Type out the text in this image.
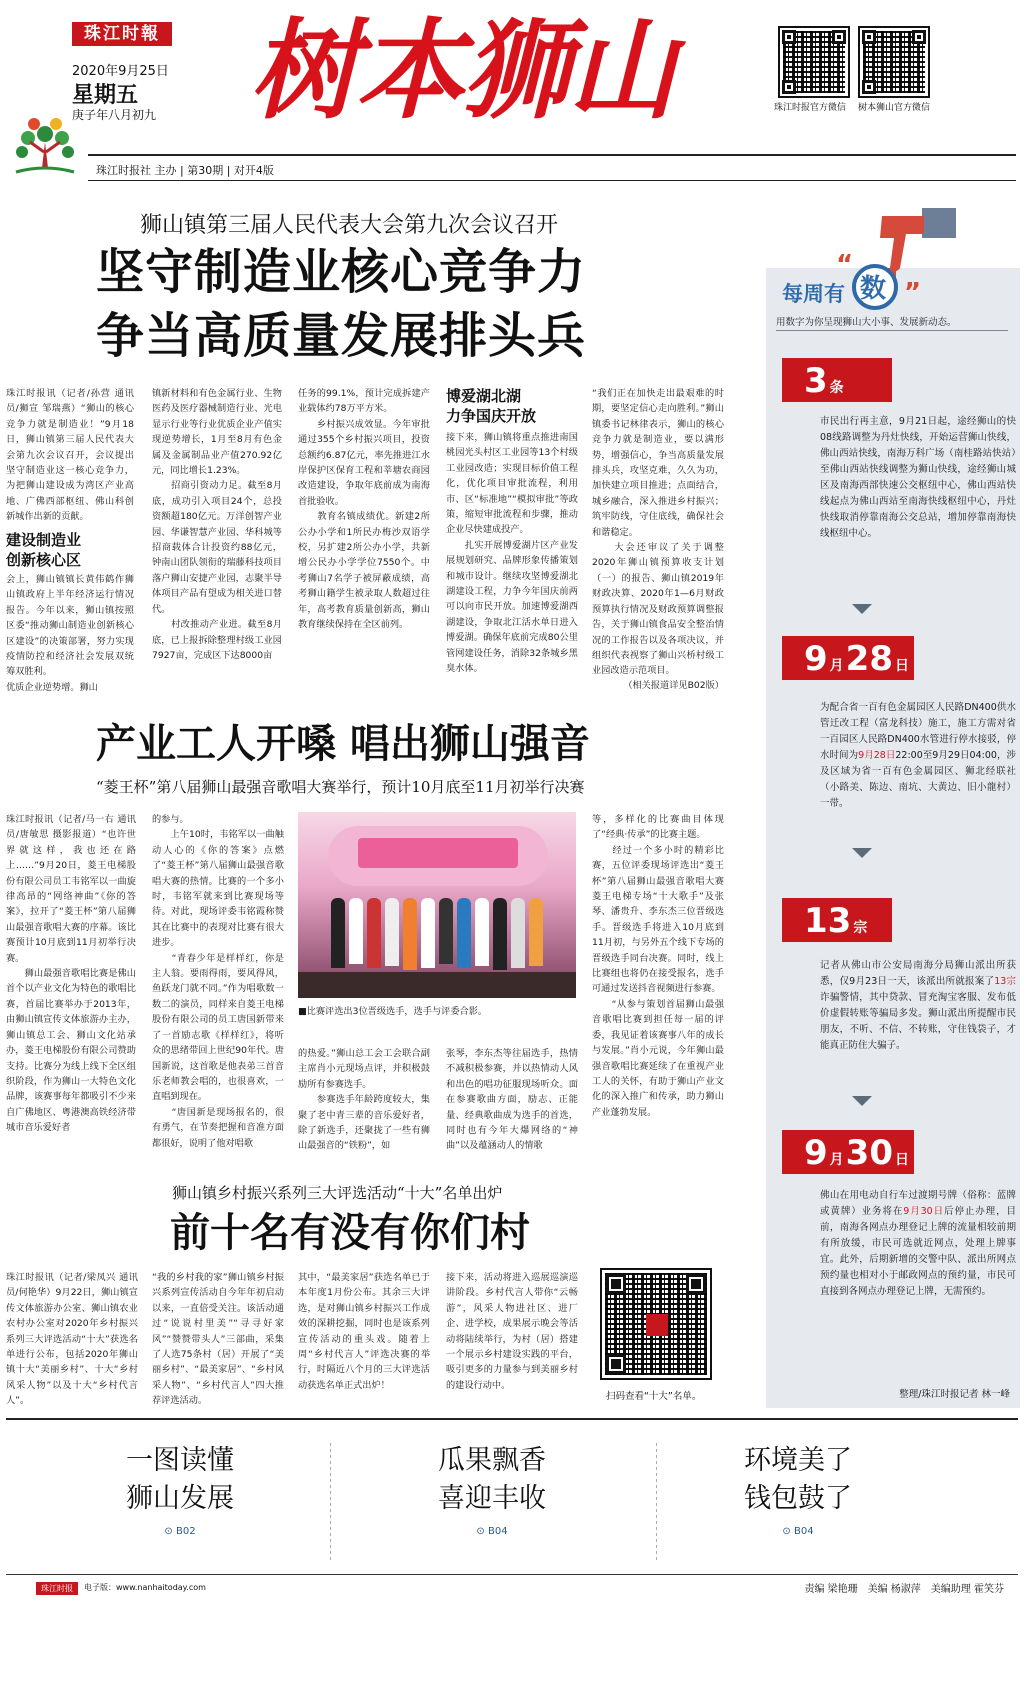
珠江时報
2020年9月25日
星期五
庚子年八月初九 树本狮山	珠江时报官方微信 树本狮山官方微信
珠江时报社 主办 | 第30期 | 对开4版
狮山镇第三届人民代表大会第九次会议召开
坚守制造业核心竞争力
争当高质量发展排头兵
珠江时报讯（记者/孙营 通讯员/狮宣 邹瑞燕）“狮山的核心竞争力就是制造业！”9月18日，狮山镇第三届人民代表大会第九次会议召开，会议提出坚守制造业这一核心竞争力，为把狮山建设成为湾区产业高地、广佛西部枢纽、佛山科创新城作出新的贡献。
建设制造业
创新核心区
会上，狮山镇镇长黄伟鹤作狮山镇政府上半年经济运行情况报告。今年以来，狮山镇按照区委“推动狮山制造业创新核心区建设”的决策部署，努力实现疫情防控和经济社会发展双统筹双胜利。
优质企业逆势增。狮山
镇新材料和有色金属行业、生物医药及医疗器械制造行业、光电显示行业等行业优质企业产值实现逆势增长，1月至8月有色金属及金属制品业产值270.92亿元，同比增长1.23%。
　　招商引资动力足。截至8月底，成功引入项目24个，总投资额超180亿元。万洋创智产业园、华谦智慧产业园、华科城等招商载体合计投资约88亿元，钟南山团队领衔的瑞藤科技项目落户狮山安捷产业园，志聚半导体项目产品有望成为相关进口替代。
　　村改推动产业进。截至8月底，已上报拆除整理村级工业园7927亩，完成区下达8000亩
任务的99.1%，预计完成拆建产业载体约78万平方米。
　　乡村振兴成效显。今年审批通过355个乡村振兴项目，投资总额约6.87亿元，率先推进江水岸保护区保育工程和莘塘农商园改造建设，争取年底前成为南海首批验收。
　　教育名镇成绩优。新建2所公办小学和1所民办梅沙双语学校，另扩建2所公办小学，共新增公民办小学学位7550个。中考狮山7名学子被屏蔽成绩，高考狮山籍学生被录取人数超过往年，高考教育质量创新高，狮山教育继续保持在全区前列。
博爱湖北湖
力争国庆开放
接下来，狮山镇将重点推进南国桃园光头村区工业园等13个村级工业园改造；实现目标价值工程化，优化项目审批流程，利用市、区“标准地”“模拟审批”等政策，缩短审批流程和步骤，推动企业尽快建成投产。
　　扎实开展博爱湖片区产业发展规划研究、品牌形象传播策划和城市设计。继续攻坚博爱湖北湖建设工程，力争今年国庆前两可以向市民开放。加速博爱湖西湖建设，争取北江活水单日进入博爱湖。确保年底前完成80公里管网建设任务，消除32条城乡黑臭水体。
“我们正在加快走出最艰难的时期，要坚定信心走向胜利。”狮山镇委书记林律表示，狮山的核心竞争力就是制造业，要以满形势，增强信心，争当高质量发展排头兵，攻坚克难，久久为功，加快建立项目推进；点面结合，城乡融合，深入推进乡村振兴；筑牢防线，守住底线，确保社会和谐稳定。
　　大会还审议了关于调整2020年狮山镇预算收支计划（一）的报告、狮山镇2019年财政决算、2020年1—6月财政预算执行情况及财政预算调整报告，关于狮山镇食品安全整治情况的工作报告以及各项决议，并组织代表视察了狮山兴桥村级工业园改造示范项目。
（相关报道详见B02版）
产业工人开嗓 唱出狮山强音
“菱王杯”第八届狮山最强音歌唱大赛举行，预计10月底至11月初举行决赛
珠江时报讯（记者/马一右 通讯员/唐敏思 摄影报道）“也许世界就这样，我也还在路上……”9月20日，菱王电梯股份有限公司员工韦铭军以一曲旋律高昂的“网络神曲”《你的答案》，拉开了“菱王杯”第八届狮山最强音歌唱大赛的序幕。该比赛预计10月底到11月初举行决赛。
　　狮山最强音歌唱比赛是佛山首个以产业文化为特色的歌唱比赛，首届比赛举办于2013年，由狮山镇宣传文体旅游办主办，狮山镇总工会、狮山文化站承办，菱王电梯股份有限公司赞助支持。比赛分为线上线下全区组织阶段，作为狮山一大特色文化品牌，该赛事每年都吸引不少来自广佛地区、粤港澳高铁经济带城市音乐爱好者
的参与。
　　上午10时，韦铭军以一曲触动人心的《你的答案》点燃了“菱王杯”第八届狮山最强音歌唱大赛的热情。比赛的一个多小时，韦铭军就来到比赛现场等待。对此，现场评委韦铭霞称赞其在比赛中的表现对比赛有很大进步。
　　“青春少年是样样红，你是主人翁。要雨得雨，要风得风，鱼跃龙门就不同。”作为唱歌数一数二的演员，同样来自菱王电梯股份有限公司的员工唐国新带来了一首励志歌《样样红》，将听众的思绪带回上世纪90年代。唐国新说，这首歌是他表弟三首音乐老师教会唱的，也很喜欢，一直唱到现在。
　　“唐国新是现场报名的，很有勇气，在节奏把握和音准方面都很好，说明了他对唱歌
■比赛评选出3位晋级选手，选手与评委合影。
的热爱。”狮山总工会工会联合副主席肖小元现场点评，并积极鼓励所有参赛选手。
　　参赛选手年龄跨度较大，集聚了老中青三辈的音乐爱好者，除了新选手，还聚拢了一些有狮山最强音的“铁粉”，如
张琴，李东杰等往届选手，热情不减积极参赛，并以热情动人风和出色的唱功征服现场听众。面在参赛歌曲方面，励志、正能量、经典歌曲成为选手的首选，同时也有今年大爆网络的“神曲”以及蕴涵动人的情歌
等，多样化的比赛曲目体现了“经典·传承”的比赛主题。
　　经过一个多小时的精彩比赛，五位评委现场评选出“菱王杯”第八届狮山最强音歌唱大赛菱王电梯专场“十大歌手”及张琴、潘贵升、李东杰三位晋级选手。晋级选手将进入10月底到11月初，与另外五个线下专场的晋级选手同台决赛。同时，线上比赛组也将仍在接受报名，选手可通过发送抖音视频进行参赛。
　　“从参与策划首届狮山最强音歌唱比赛到担任每一届的评委，我见证着该赛事八年的成长与发展。”肖小元说，今年狮山最强音歌唱比赛延续了在重视产业工人的关怀，有助于狮山产业文化的深入推广和传承，助力狮山产业蓬勃发展。
狮山镇乡村振兴系列三大评选活动“十大”名单出炉
前十名有没有你们村
珠江时报讯（记者/梁凤兴 通讯员/何艳华）9月22日，狮山镇宣传文体旅游办公室、狮山镇农业农村办公室对2020年乡村振兴系列三大评选活动“十大”获选名单进行公布，包括2020年狮山镇十大“美丽乡村”、十大“乡村风采人物”以及十大“乡村代言人”。
“我的乡村我的家”狮山镇乡村振兴系列宣传活动自今年年初启动以来，一直倍受关注。该活动通过“说说村里美”“寻寻好家风”“赞赞带头人”三部曲，采集了人选75条村（居）开展了“美丽乡村”、“最美家居”、“乡村风采人物”、“乡村代言人”四大推荐评选活动。
其中，“最美家居”获选名单已于本年度1月份公布。其余三大评选，是对狮山镇乡村振兴工作成效的深耕挖掘，同时也是该系列宣传活动的重头戏。随着上周“乡村代言人”评选决赛的举行，时隔近八个月的三大评选活动获选名单正式出炉！
接下来，活动将进入巡展巡演巡讲阶段。乡村代言人带你“云畅游”，风采人物进社区、进厂企、进学校，成果展示晚会等活动将陆续举行，为村（居）搭建一个展示乡村建设实践的平台，吸引更多的力量参与到美丽乡村的建设行动中。
扫码查看“十大”名单。
每周有
“
数 ”
用数字为你呈现狮山大小事、发展新动态。
3 条
市民出行再主意，9月21日起，途经狮山的快08线路调整为丹灶快线，开始运营狮山快线，佛山西站快线，南海万科广场（南桂路站快站）至佛山西站快线调整为狮山快线，途经狮山城区及南海西部快速公交枢纽中心，佛山西站快线起点为佛山西站至南海快线枢纽中心，丹灶快线取消停靠南海公交总站，增加停靠南海快线枢纽中心。
9 月 28 日
为配合省一百有色金属园区人民路DN400供水管迁改工程（富龙科技）施工，施工方需对省一百园区人民路DN400水管进行停水接驳，停水时间为9月28日22:00至9月29日04:00，涉及区域为省一百有色金属园区、狮北经联社（小路美、陈边、南坑、大黄边、旧小龍村）一带。
13 宗
记者从佛山市公安局南海分局狮山派出所获悉，仅9月23日一天，该派出所就报案了13宗诈骗警情，其中贷款、冒充淘宝客服、发布低价虚假转账等骗局多发。狮山派出所提醒市民朋友，不听、不信、不转账，守住钱袋子，才能真正防住大骗子。
9 月 30 日
佛山在用电动自行车过渡期号牌（俗称：蓝牌或黄牌）业务将在9月30日后停止办理，目前，南海各网点办理登记上牌的流量相较前期有所放缓，市民可选就近网点，处理上牌事宜。此外，后期新增的交警中队、派出所网点预约量也相对小于邮政网点的预约量，市民可直接到各网点办理登记上牌，无需预约。
整理/珠江时报记者 林一峰
一图读懂
狮山发展
⊙ B02
瓜果飘香
喜迎丰收
⊙ B04
环境美了
钱包鼓了
⊙ B04
珠江时报	电子版：www.nanhaitoday.com	责编 梁艳珊　美编 杨淑萍　美编助理 霍笑芬
